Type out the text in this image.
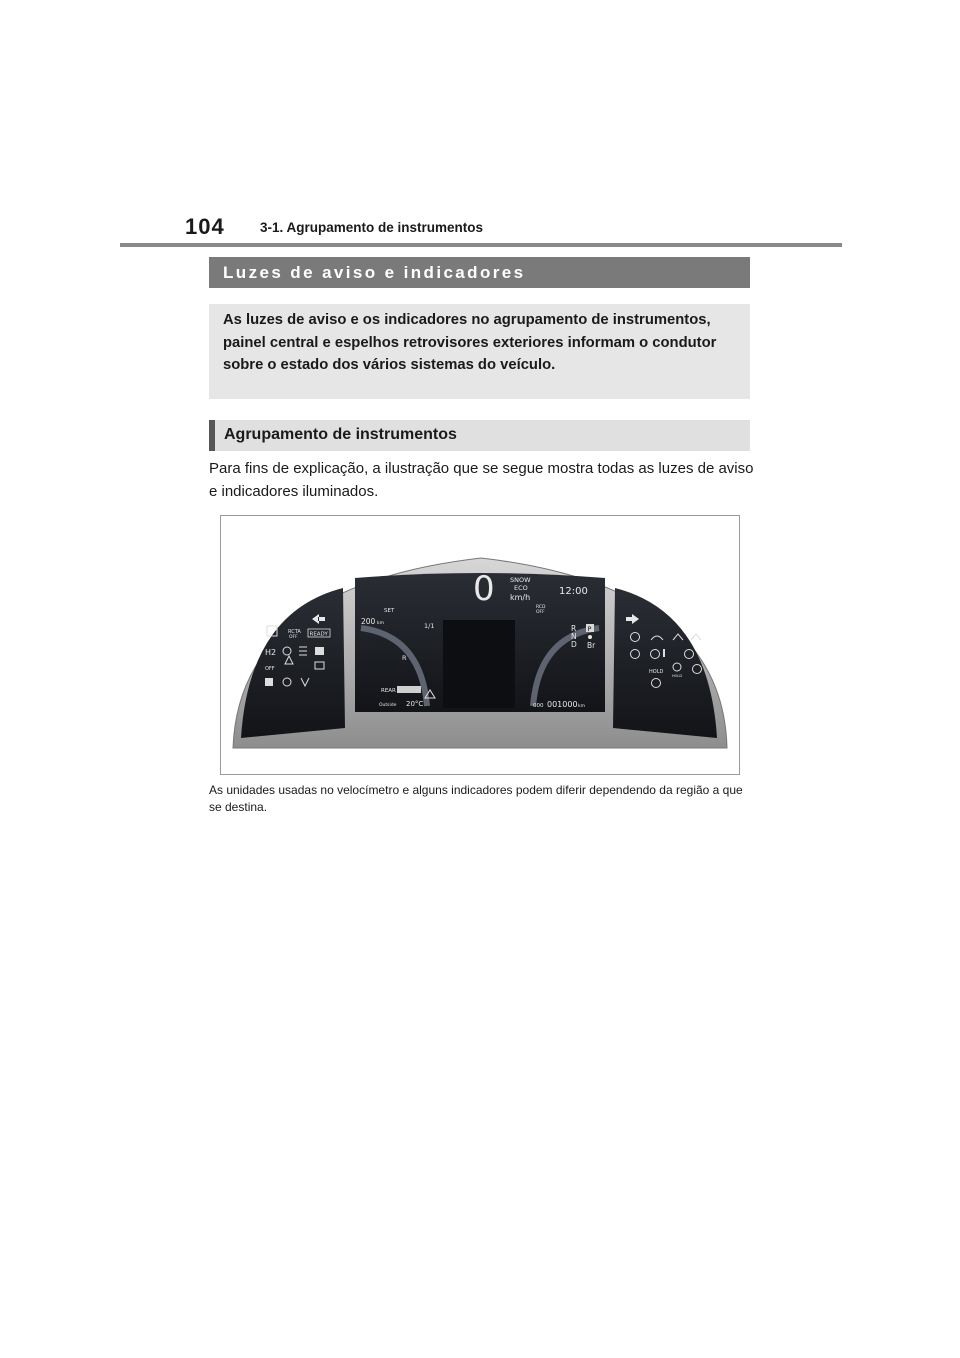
104	3-1. Agrupamento de instrumentos
Luzes de aviso e indicadores
As luzes de aviso e os indicadores no agrupamento de instrumentos, painel central e espelhos retrovisores exteriores informam o condutor sobre o estado dos vários sistemas do veículo.
Agrupamento de instrumentos
Para fins de explicação, a ilustração que se segue mostra todas as luzes de aviso e indicadores iluminados.
0 SNOW
ECO
km/h
12:00
SET
200 km	1/1
R
RCD
OFF
R
N
D
P
Br
REAR
Outside 20°C	000 001000 km
RCTA
OFF READY
H2
OFF	HOLD
HOLD
As unidades usadas no velocímetro e alguns indicadores podem diferir dependendo da região a que se destina.
